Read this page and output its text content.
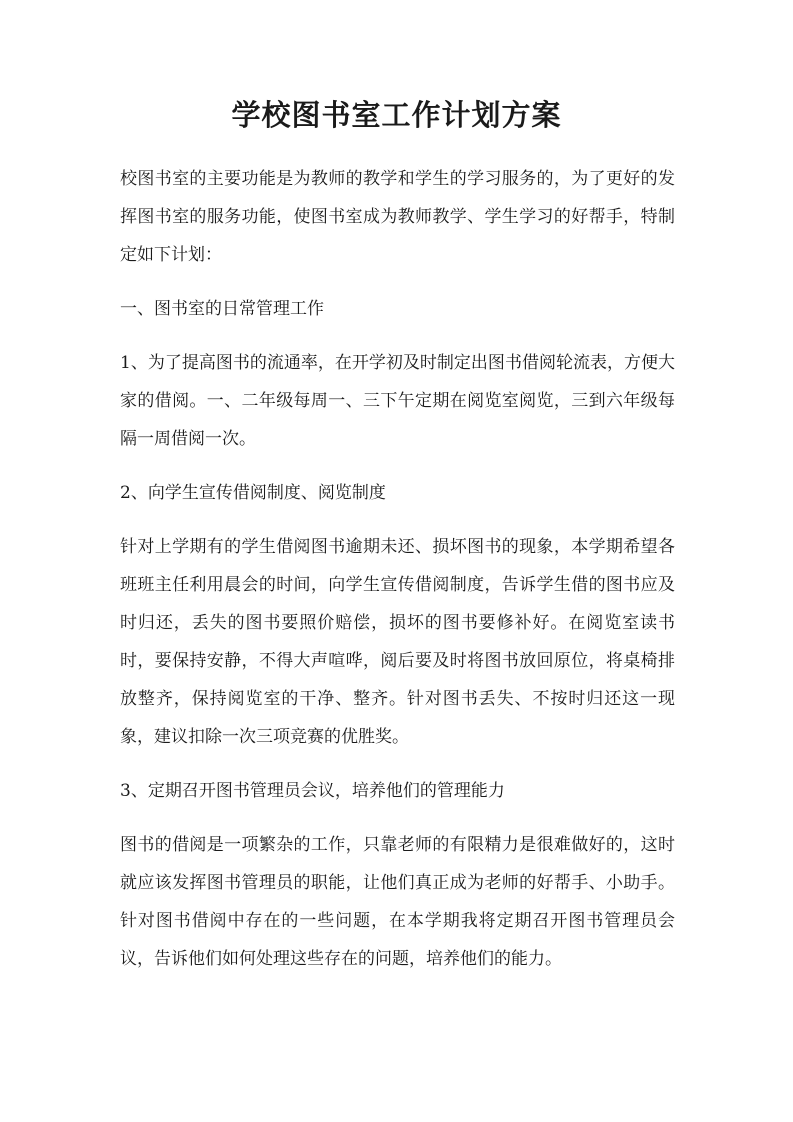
学校图书室工作计划方案

校图书室的主要功能是为教师的教学和学生的学习服务的，为了更好的发挥图书室的服务功能，使图书室成为教师教学、学生学习的好帮手，特制定如下计划：

一、图书室的日常管理工作

1、为了提高图书的流通率，在开学初及时制定出图书借阅轮流表，方便大家的借阅。一、二年级每周一、三下午定期在阅览室阅览，三到六年级每隔一周借阅一次。

2、向学生宣传借阅制度、阅览制度

针对上学期有的学生借阅图书逾期未还、损坏图书的现象，本学期希望各班班主任利用晨会的时间，向学生宣传借阅制度，告诉学生借的图书应及时归还，丢失的图书要照价赔偿，损坏的图书要修补好。在阅览室读书时，要保持安静，不得大声喧哗，阅后要及时将图书放回原位，将桌椅排放整齐，保持阅览室的干净、整齐。针对图书丢失、不按时归还这一现象，建议扣除一次三项竞赛的优胜奖。

3、定期召开图书管理员会议，培养他们的管理能力

图书的借阅是一项繁杂的工作，只靠老师的有限精力是很难做好的，这时就应该发挥图书管理员的职能，让他们真正成为老师的好帮手、小助手。针对图书借阅中存在的一些问题，在本学期我将定期召开图书管理员会议，告诉他们如何处理这些存在的问题，培养他们的能力。
